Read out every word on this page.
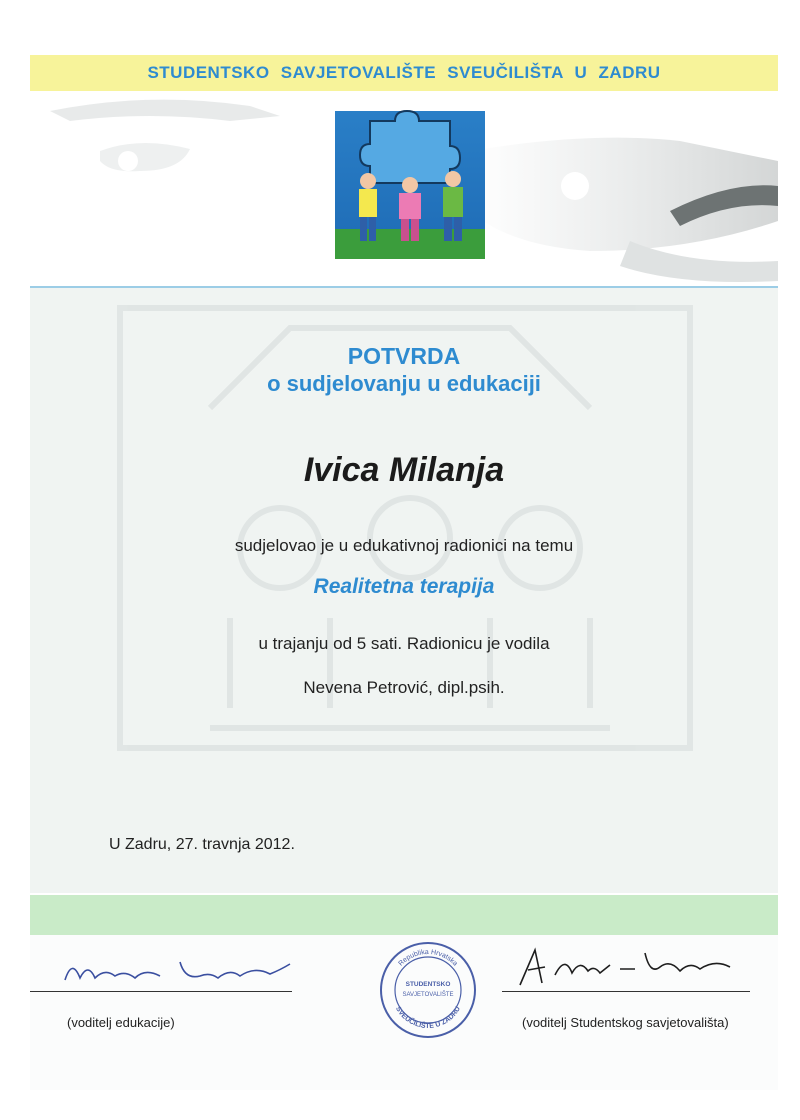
STUDENTSKO SAVJETOVALIŠTE SVEUČILIŠTA U ZADRU
POTVRDA
o sudjelovanju u edukaciji
Ivica Milanja
sudjelovao je u edukativnoj radionici na temu
Realitetna terapija
u trajanju od 5 sati. Radionicu je vodila
Nevena Petrović, dipl.psih.
U Zadru, 27. travnja 2012.
(voditelj edukacije)
STUDENTSKO
SAVJETOVALIŠTE
Republika Hrvatska
SVEUČILIŠTE U ZADRU
(voditelj Studentskog savjetovališta)
